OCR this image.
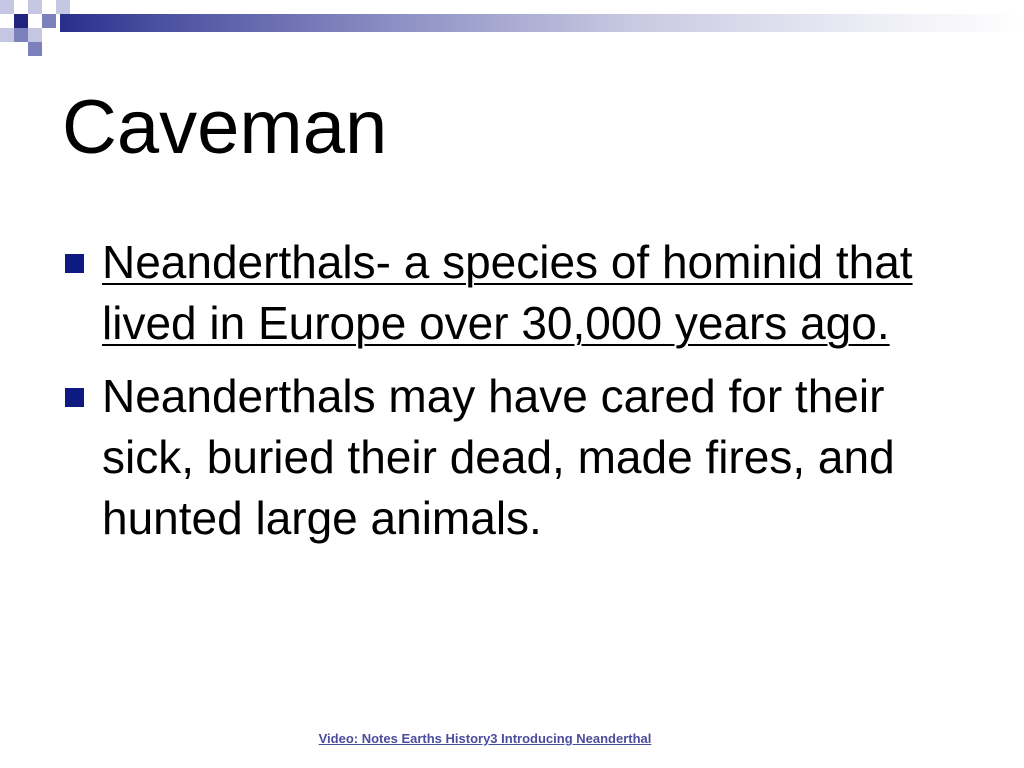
Caveman
Neanderthals- a species of hominid that lived in Europe over 30,000 years ago.
Neanderthals may have cared for their sick, buried their dead, made fires, and hunted large animals.
Video: Notes Earths History3 Introducing Neanderthal
